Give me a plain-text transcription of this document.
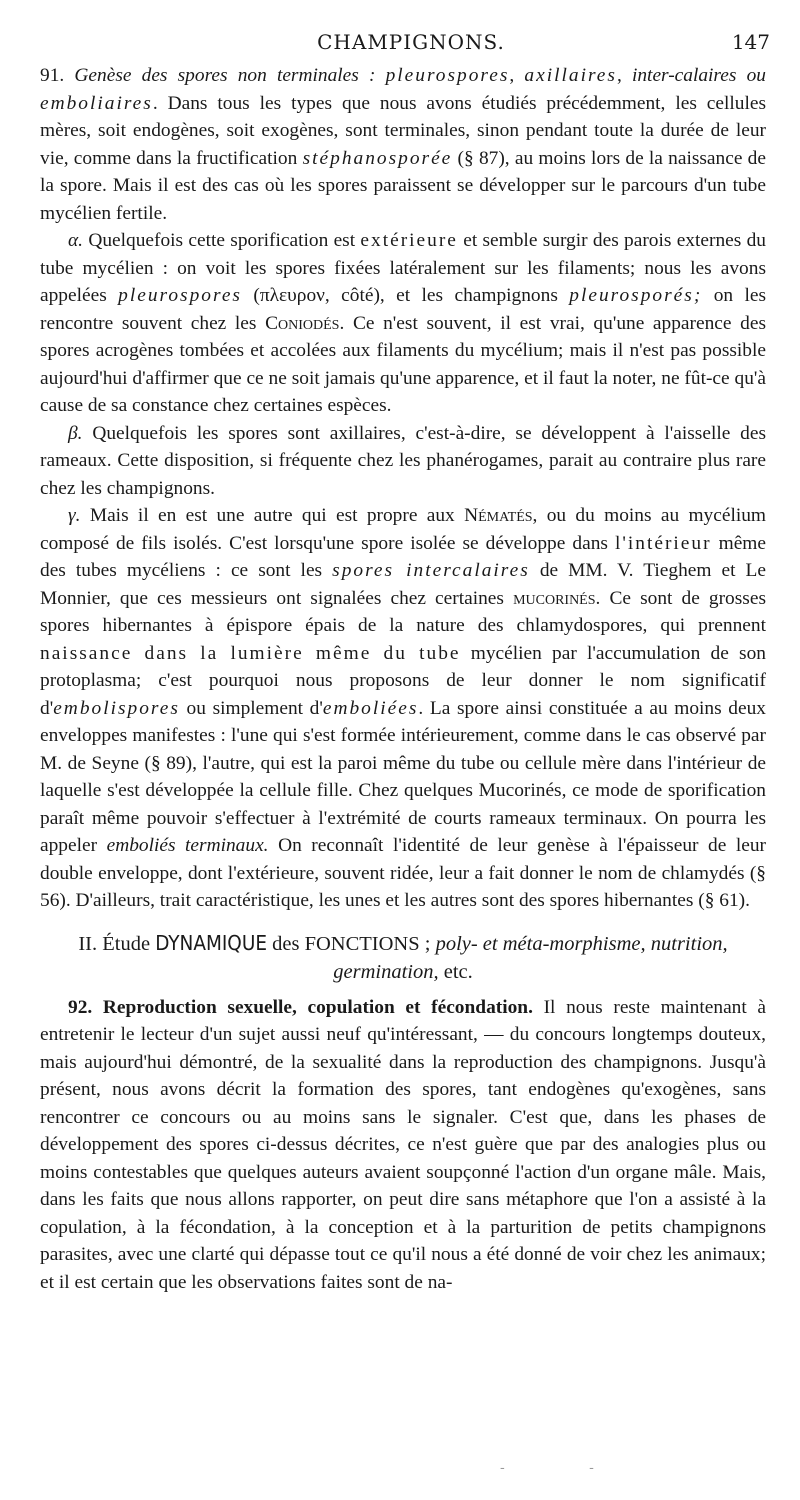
CHAMPIGNONS.	147

91. Genèse des spores non terminales : pleurospores, axillaires, inter-calaires ou emboliaires. Dans tous les types que nous avons étudiés précédemment, les cellules mères, soit endogènes, soit exogènes, sont terminales, sinon pendant toute la durée de leur vie, comme dans la fructification stéphanosporée (§ 87), au moins lors de la naissance de la spore. Mais il est des cas où les spores paraissent se développer sur le parcours d'un tube mycélien fertile.

α. Quelquefois cette sporification est extérieure et semble surgir des parois externes du tube mycélien : on voit les spores fixées latéralement sur les filaments; nous les avons appelées pleurospores (πλευρον, côté), et les champignons pleurosporés; on les rencontre souvent chez les Coniodés. Ce n'est souvent, il est vrai, qu'une apparence des spores acrogènes tombées et accolées aux filaments du mycélium; mais il n'est pas possible aujourd'hui d'affirmer que ce ne soit jamais qu'une apparence, et il faut la noter, ne fût-ce qu'à cause de sa constance chez certaines espèces.

β. Quelquefois les spores sont axillaires, c'est-à-dire, se développent à l'aisselle des rameaux. Cette disposition, si fréquente chez les phanérogames, parait au contraire plus rare chez les champignons.

γ. Mais il en est une autre qui est propre aux Nématés, ou du moins au mycélium composé de fils isolés. C'est lorsqu'une spore isolée se développe dans l'intérieur même des tubes mycéliens : ce sont les spores intercalaires de MM. V. Tieghem et Le Monnier, que ces messieurs ont signalées chez certaines mucorinés. Ce sont de grosses spores hibernantes à épispore épais de la nature des chlamydospores, qui prennent naissance dans la lumière même du tube mycélien par l'accumulation de son protoplasma; c'est pourquoi nous proposons de leur donner le nom significatif d'embolispores ou simplement d'emboliées. La spore ainsi constituée a au moins deux enveloppes manifestes : l'une qui s'est formée intérieurement, comme dans le cas observé par M. de Seyne (§ 89), l'autre, qui est la paroi même du tube ou cellule mère dans l'intérieur de laquelle s'est développée la cellule fille. Chez quelques Mucorinés, ce mode de sporification paraît même pouvoir s'effectuer à l'extrémité de courts rameaux terminaux. On pourra les appeler emboliés terminaux. On reconnaît l'identité de leur genèse à l'épaisseur de leur double enveloppe, dont l'extérieure, souvent ridée, leur a fait donner le nom de chlamydés (§ 56). D'ailleurs, trait caractéristique, les unes et les autres sont des spores hibernantes (§ 61).

II. Étude DYNAMIQUE des FONCTIONS ; poly- et méta-morphisme, nutrition, germination, etc.

92. Reproduction sexuelle, copulation et fécondation. Il nous reste maintenant à entretenir le lecteur d'un sujet aussi neuf qu'intéressant, — du concours longtemps douteux, mais aujourd'hui démontré, de la sexualité dans la reproduction des champignons. Jusqu'à présent, nous avons décrit la formation des spores, tant endogènes qu'exogènes, sans rencontrer ce concours ou au moins sans le signaler. C'est que, dans les phases de développement des spores ci-dessus décrites, ce n'est guère que par des analogies plus ou moins contestables que quelques auteurs avaient soupçonné l'action d'un organe mâle. Mais, dans les faits que nous allons rapporter, on peut dire sans métaphore que l'on a assisté à la copulation, à la fécondation, à la conception et à la parturition de petits champignons parasites, avec une clarté qui dépasse tout ce qu'il nous a été donné de voir chez les animaux; et il est certain que les observations faites sont de na-

- -
